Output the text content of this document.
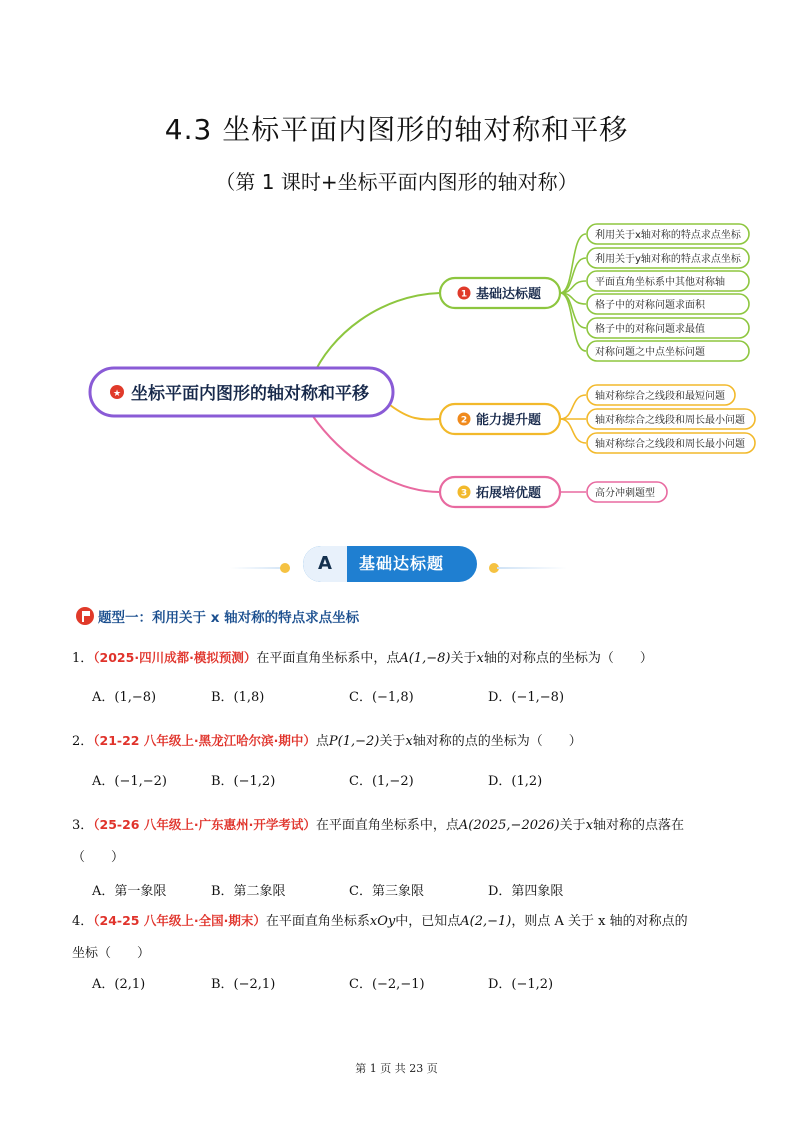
4.3 坐标平面内图形的轴对称和平移
（第 1 课时+坐标平面内图形的轴对称）
★ 坐标平面内图形的轴对称和平移
1 基础达标题
利用关于x轴对称的特点求点坐标
利用关于y轴对称的特点求点坐标
平面直角坐标系中其他对称轴
格子中的对称问题求面积
格子中的对称问题求最值
对称问题之中点坐标问题
2 能力提升题
轴对称综合之线段和最短问题
轴对称综合之线段和周长最小问题
轴对称综合之线段和周长最小问题
3 拓展培优题	高分冲刺题型
A	基础达标题
题型一：利用关于 x 轴对称的特点求点坐标
1．（2025·四川成都·模拟预测）在平面直角坐标系中，点A(1,−8)关于x轴的对称点的坐标为（　　）
A．(1,−8)	B．(1,8)	C．(−1,8)	D．(−1,−8)
2．（21-22 八年级上·黑龙江哈尔滨·期中）点P(1,−2)关于x轴对称的点的坐标为（　　）
A．(−1,−2)	B．(−1,2)	C．(1,−2)	D．(1,2)
3．（25-26 八年级上·广东惠州·开学考试）在平面直角坐标系中，点A(2025,−2026)关于x轴对称的点落在
（　　）
A．第一象限	B．第二象限	C．第三象限	D．第四象限
4．（24-25 八年级上·全国·期末）在平面直角坐标系xOy中，已知点A(2,−1)，则点 A 关于 x 轴的对称点的
坐标（　　）
A．(2,1)	B．(−2,1)	C．(−2,−1)	D．(−1,2)
第 1 页 共 23 页
